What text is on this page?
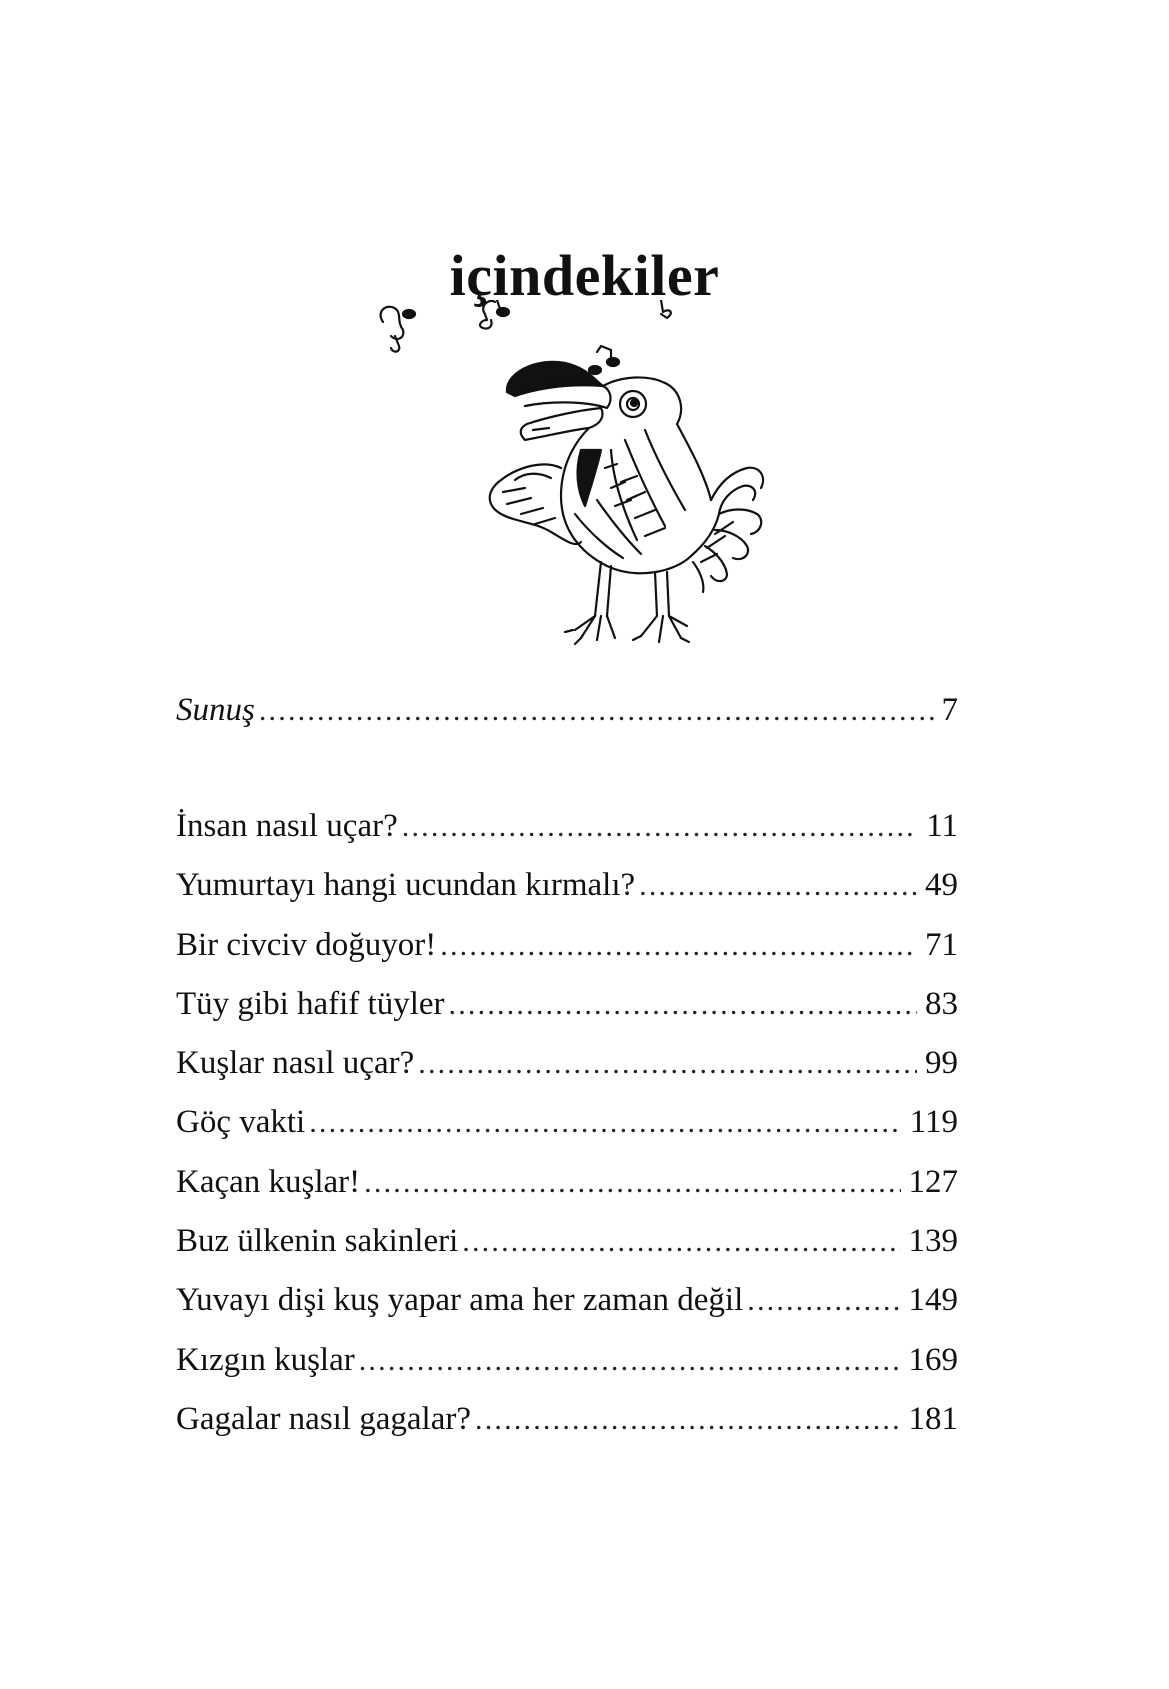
içindekiler
Sunuş .....	7
İnsan nasıl uçar? .....	11
Yumurtayı hangi ucundan kırmalı? .....	49
Bir civciv doğuyor! .....	71
Tüy gibi hafif tüyler .....	83
Kuşlar nasıl uçar? .....	99
Göç vakti .....	119
Kaçan kuşlar! .....	127
Buz ülkenin sakinleri .....	139
Yuvayı dişi kuş yapar ama her zaman değil .....	149
Kızgın kuşlar .....	169
Gagalar nasıl gagalar? .....	181
